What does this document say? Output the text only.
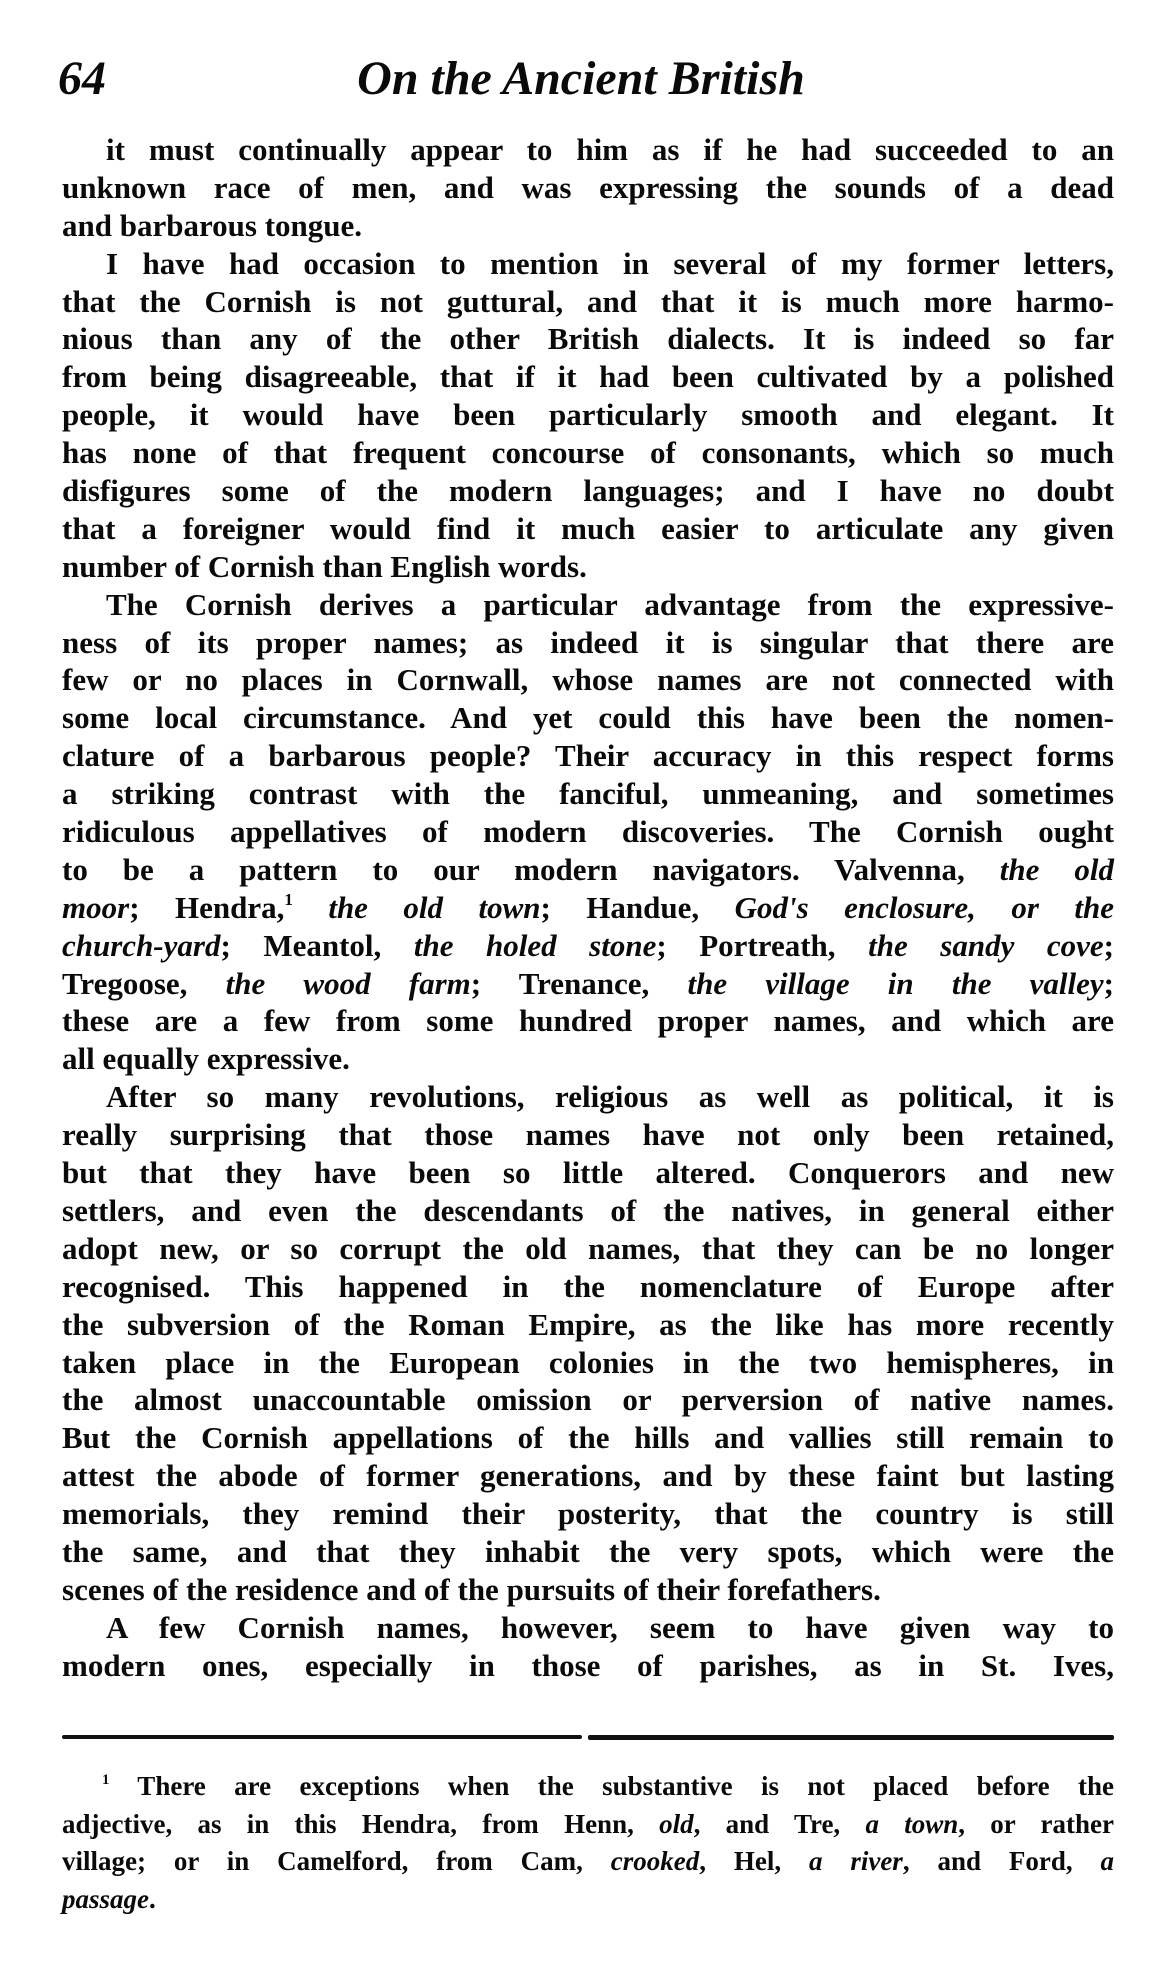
64	On the Ancient British
it must continually appear to him as if he had succeeded to an
unknown race of men, and was expressing the sounds of a dead
and barbarous tongue.
I have had occasion to mention in several of my former letters,
that the Cornish is not guttural, and that it is much more harmo-
nious than any of the other British dialects. It is indeed so far
from being disagreeable, that if it had been cultivated by a polished
people, it would have been particularly smooth and elegant. It
has none of that frequent concourse of consonants, which so much
disfigures some of the modern languages; and I have no doubt
that a foreigner would find it much easier to articulate any given
number of Cornish than English words.
The Cornish derives a particular advantage from the expressive-
ness of its proper names; as indeed it is singular that there are
few or no places in Cornwall, whose names are not connected with
some local circumstance. And yet could this have been the nomen-
clature of a barbarous people? Their accuracy in this respect forms
a striking contrast with the fanciful, unmeaning, and sometimes
ridiculous appellatives of modern discoveries. The Cornish ought
to be a pattern to our modern navigators. Valvenna, the old
moor; Hendra,$^1$ the old town; Handue, God's enclosure, or the
church-yard; Meantol, the holed stone; Portreath, the sandy cove;
Tregoose, the wood farm; Trenance, the village in the valley;
these are a few from some hundred proper names, and which are
all equally expressive.
After so many revolutions, religious as well as political, it is
really surprising that those names have not only been retained,
but that they have been so little altered. Conquerors and new
settlers, and even the descendants of the natives, in general either
adopt new, or so corrupt the old names, that they can be no longer
recognised. This happened in the nomenclature of Europe after
the subversion of the Roman Empire, as the like has more recently
taken place in the European colonies in the two hemispheres, in
the almost unaccountable omission or perversion of native names.
But the Cornish appellations of the hills and vallies still remain to
attest the abode of former generations, and by these faint but lasting
memorials, they remind their posterity, that the country is still
the same, and that they inhabit the very spots, which were the
scenes of the residence and of the pursuits of their forefathers.
A few Cornish names, however, seem to have given way to
modern ones, especially in those of parishes, as in St. Ives,
$^1$ There are exceptions when the substantive is not placed before the
adjective, as in this Hendra, from Henn, old, and Tre, a town, or rather
village; or in Camelford, from Cam, crooked, Hel, a river, and Ford, a
passage.
